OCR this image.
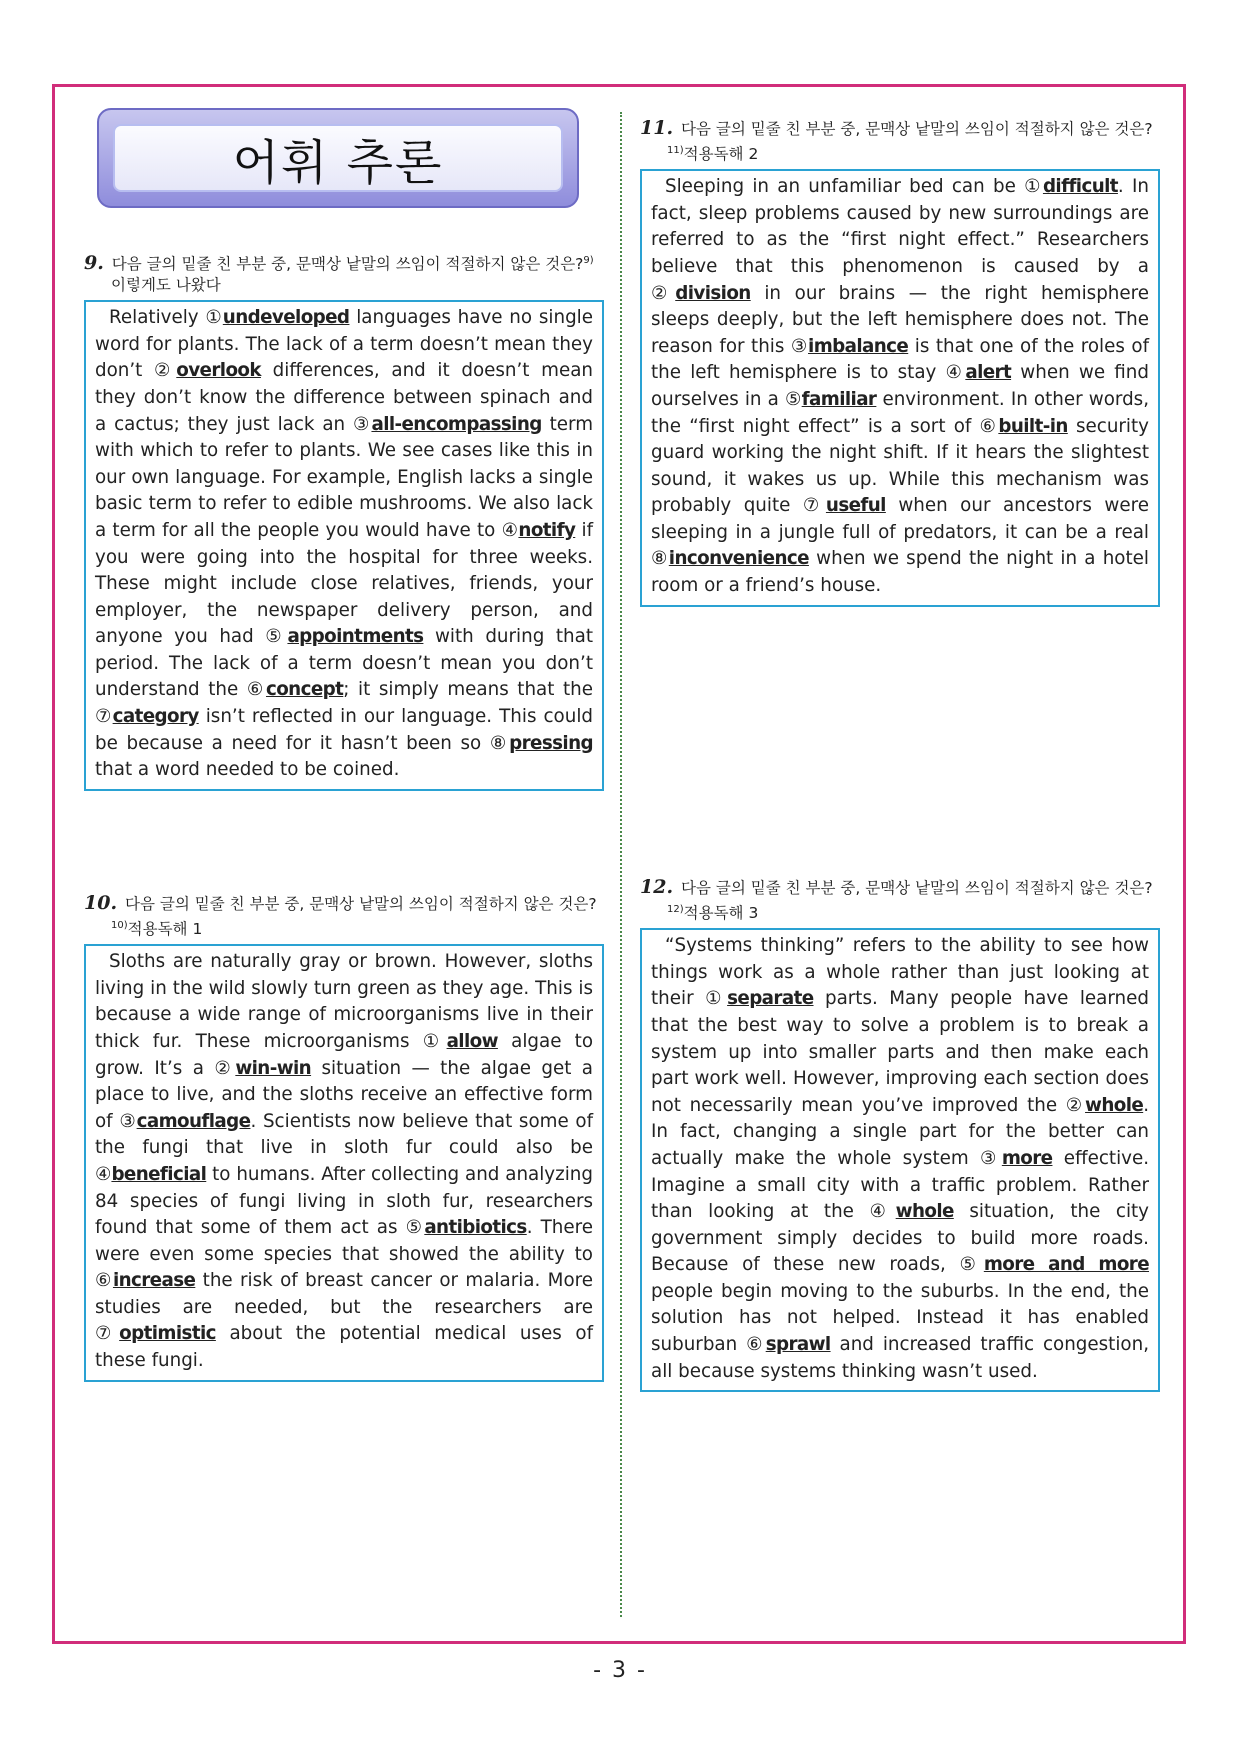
어휘 추론
9. 다음 글의 밑줄 친 부분 중, 문맥상 낱말의 쓰임이 적절하지 않은 것은?$^{9)}$이렇게도 나왔다

Relatively ①undeveloped languages have no single word for plants. The lack of a term doesn’t mean they don’t ②overlook differences, and it doesn’t mean they don’t know the difference between spinach and a cactus; they just lack an ③all-encompassing term with which to refer to plants. We see cases like this in our own language. For example, English lacks a single basic term to refer to edible mushrooms. We also lack a term for all the people you would have to ④notify if you were going into the hospital for three weeks. These might include close relatives, friends, your employer, the newspaper delivery person, and anyone you had ⑤appointments with during that period. The lack of a term doesn’t mean you don’t understand the ⑥concept; it simply means that the ⑦category isn’t reflected in our language. This could be because a need for it hasn’t been so ⑧pressing that a word needed to be coined.

10. 다음 글의 밑줄 친 부분 중, 문맥상 낱말의 쓰임이 적절하지 않은 것은?$^{10)}$적용독해 1

Sloths are naturally gray or brown. However, sloths living in the wild slowly turn green as they age. This is because a wide range of microorganisms live in their thick fur. These microorganisms ①allow algae to grow. It’s a ②win-win situation — the algae get a place to live, and the sloths receive an effective form of ③camouflage. Scientists now believe that some of the fungi that live in sloth fur could also be ④beneficial to humans. After collecting and analyzing 84 species of fungi living in sloth fur, researchers found that some of them act as ⑤antibiotics. There were even some species that showed the ability to ⑥increase the risk of breast cancer or malaria. More studies are needed, but the researchers are ⑦optimistic about the potential medical uses of these fungi.

11. 다음 글의 밑줄 친 부분 중, 문맥상 낱말의 쓰임이 적절하지 않은 것은?$^{11)}$적용독해 2

Sleeping in an unfamiliar bed can be ①difficult. In fact, sleep problems caused by new surroundings are referred to as the “first night effect.” Researchers believe that this phenomenon is caused by a ②division in our brains — the right hemisphere sleeps deeply, but the left hemisphere does not. The reason for this ③imbalance is that one of the roles of the left hemisphere is to stay ④alert when we find ourselves in a ⑤familiar environment. In other words, the “first night effect” is a sort of ⑥built-in security guard working the night shift. If it hears the slightest sound, it wakes us up. While this mechanism was probably quite ⑦useful when our ancestors were sleeping in a jungle full of predators, it can be a real ⑧inconvenience when we spend the night in a hotel room or a friend’s house.

12. 다음 글의 밑줄 친 부분 중, 문맥상 낱말의 쓰임이 적절하지 않은 것은?$^{12)}$적용독해 3

“Systems thinking” refers to the ability to see how things work as a whole rather than just looking at their ①separate parts. Many people have learned that the best way to solve a problem is to break a system up into smaller parts and then make each part work well. However, improving each section does not necessarily mean you’ve improved the ②whole. In fact, changing a single part for the better can actually make the whole system ③more effective. Imagine a small city with a traffic problem. Rather than looking at the ④whole situation, the city government simply decides to build more roads. Because of these new roads, ⑤more and more people begin moving to the suburbs. In the end, the solution has not helped. Instead it has enabled suburban ⑥sprawl and increased traffic congestion, all because systems thinking wasn’t used.

- 3 -
